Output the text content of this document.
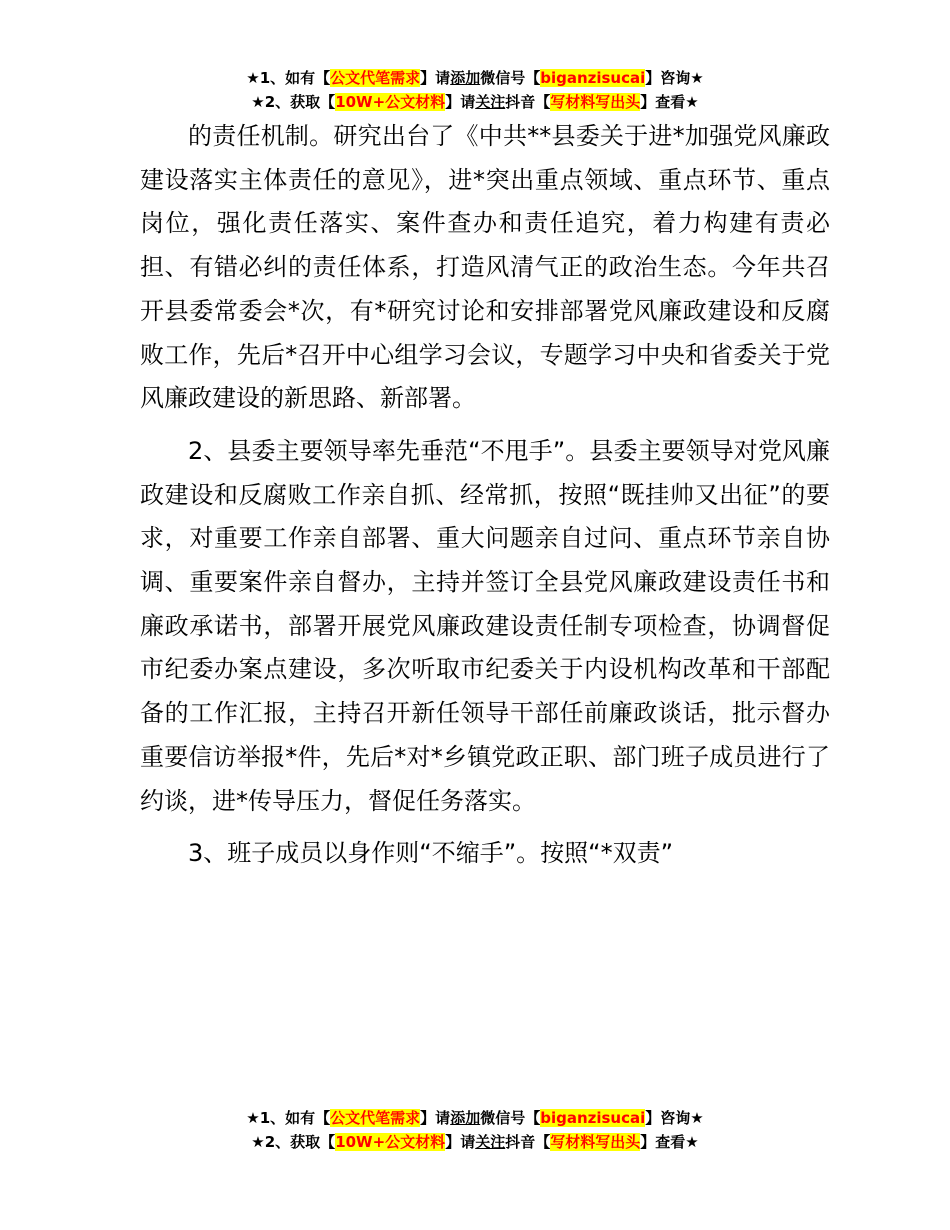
★1、如有【公文代笔需求】请添加微信号【biganzisucai】咨询★
★2、获取【10W+公文材料】请关注抖音【写材料写出头】查看★

的责任机制。研究出台了《中共**县委关于进*加强党风廉政建设落实主体责任的意见》，进*突出重点领域、重点环节、重点岗位，强化责任落实、案件查办和责任追究，着力构建有责必担、有错必纠的责任体系，打造风清气正的政治生态。今年共召开县委常委会*次，有*研究讨论和安排部署党风廉政建设和反腐败工作，先后*召开中心组学习会议，专题学习中央和省委关于党风廉政建设的新思路、新部署。

2、县委主要领导率先垂范“不甩手”。县委主要领导对党风廉政建设和反腐败工作亲自抓、经常抓，按照“既挂帅又出征”的要求，对重要工作亲自部署、重大问题亲自过问、重点环节亲自协调、重要案件亲自督办，主持并签订全县党风廉政建设责任书和廉政承诺书，部署开展党风廉政建设责任制专项检查，协调督促市纪委办案点建设，多次听取市纪委关于内设机构改革和干部配备的工作汇报，主持召开新任领导干部任前廉政谈话，批示督办重要信访举报*件，先后*对*乡镇党政正职、部门班子成员进行了约谈，进*传导压力，督促任务落实。

3、班子成员以身作则“不缩手”。按照“*双责”

★1、如有【公文代笔需求】请添加微信号【biganzisucai】咨询★
★2、获取【10W+公文材料】请关注抖音【写材料写出头】查看★
